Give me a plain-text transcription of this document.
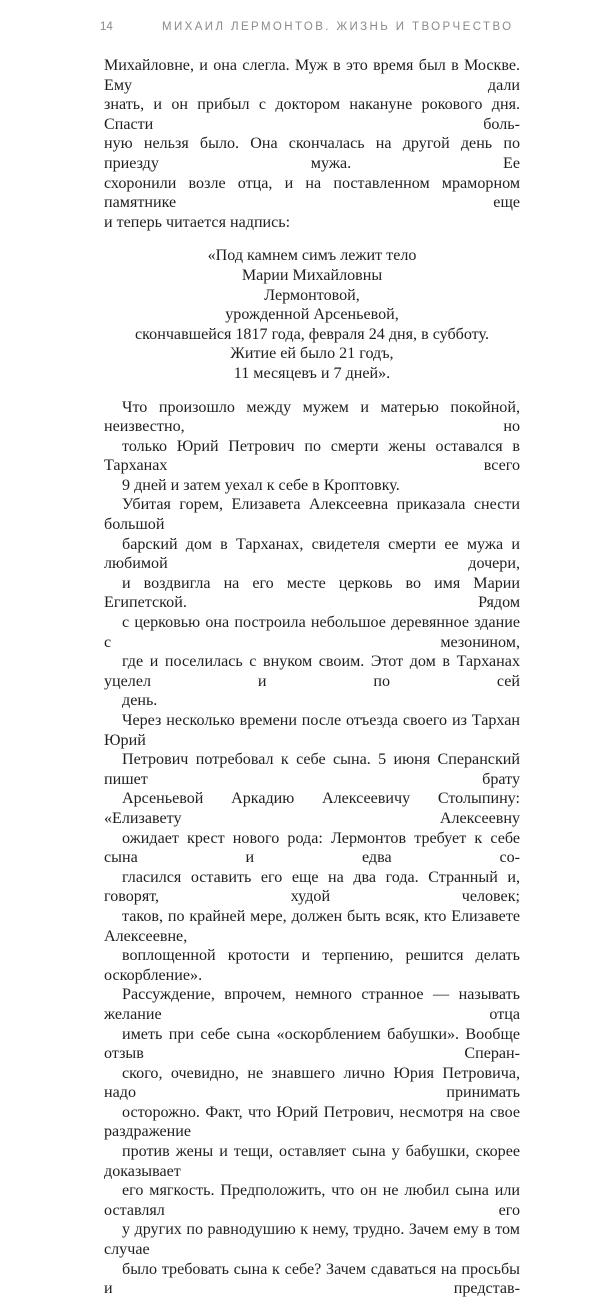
14	МИХАИЛ ЛЕРМОНТОВ. ЖИЗНЬ И ТВОРЧЕСТВО

Михайловне, и она слегла. Муж в это время был в Москве. Ему дали
знать, и он прибыл с доктором накануне рокового дня. Спасти боль-
ную нельзя было. Она скончалась на другой день по приезду мужа. Ее
схоронили возле отца, и на поставленном мраморном памятнике еще
и теперь читается надпись:

«Под камнем симъ лежит тело
Марии Михайловны
Лермонтовой,
урожденной Арсеньевой,
скончавшейся 1817 года, февраля 24 дня, в субботу.
Житие ей было 21 годъ,
11 месяцевъ и 7 дней».

Что произошло между мужем и матерью покойной, неизвестно, но
только Юрий Петрович по смерти жены оставался в Тарханах всего
9 дней и затем уехал к себе в Кроптовку.

Убитая горем, Елизавета Алексеевна приказала снести большой
барский дом в Тарханах, свидетеля смерти ее мужа и любимой дочери,
и воздвигла на его месте церковь во имя Марии Египетской. Рядом
с церковью она построила небольшое деревянное здание с мезонином,
где и поселилась с внуком своим. Этот дом в Тарханах уцелел и по сей
день.

Через несколько времени после отъезда своего из Тархан Юрий
Петрович потребовал к себе сына. 5 июня Сперанский пишет брату
Арсеньевой Аркадию Алексеевичу Столыпину: «Елизавету Алексеевну
ожидает крест нового рода: Лермонтов требует к себе сына и едва со-
гласился оставить его еще на два года. Странный и, говорят, худой человек;
таков, по крайней мере, должен быть всяк, кто Елизавете Алексеевне,
воплощенной кротости и терпению, решится делать оскорбление».
Рассуждение, впрочем, немного странное — называть желание отца
иметь при себе сына «оскорблением бабушки». Вообще отзыв Сперан-
ского, очевидно, не знавшего лично Юрия Петровича, надо принимать
осторожно. Факт, что Юрий Петрович, несмотря на свое раздражение
против жены и тещи, оставляет сына у бабушки, скорее доказывает
его мягкость. Предположить, что он не любил сына или оставлял его
у других по равнодушию к нему, трудно. Зачем ему в том случае
было требовать сына к себе? Зачем сдаваться на просьбы и представ-
